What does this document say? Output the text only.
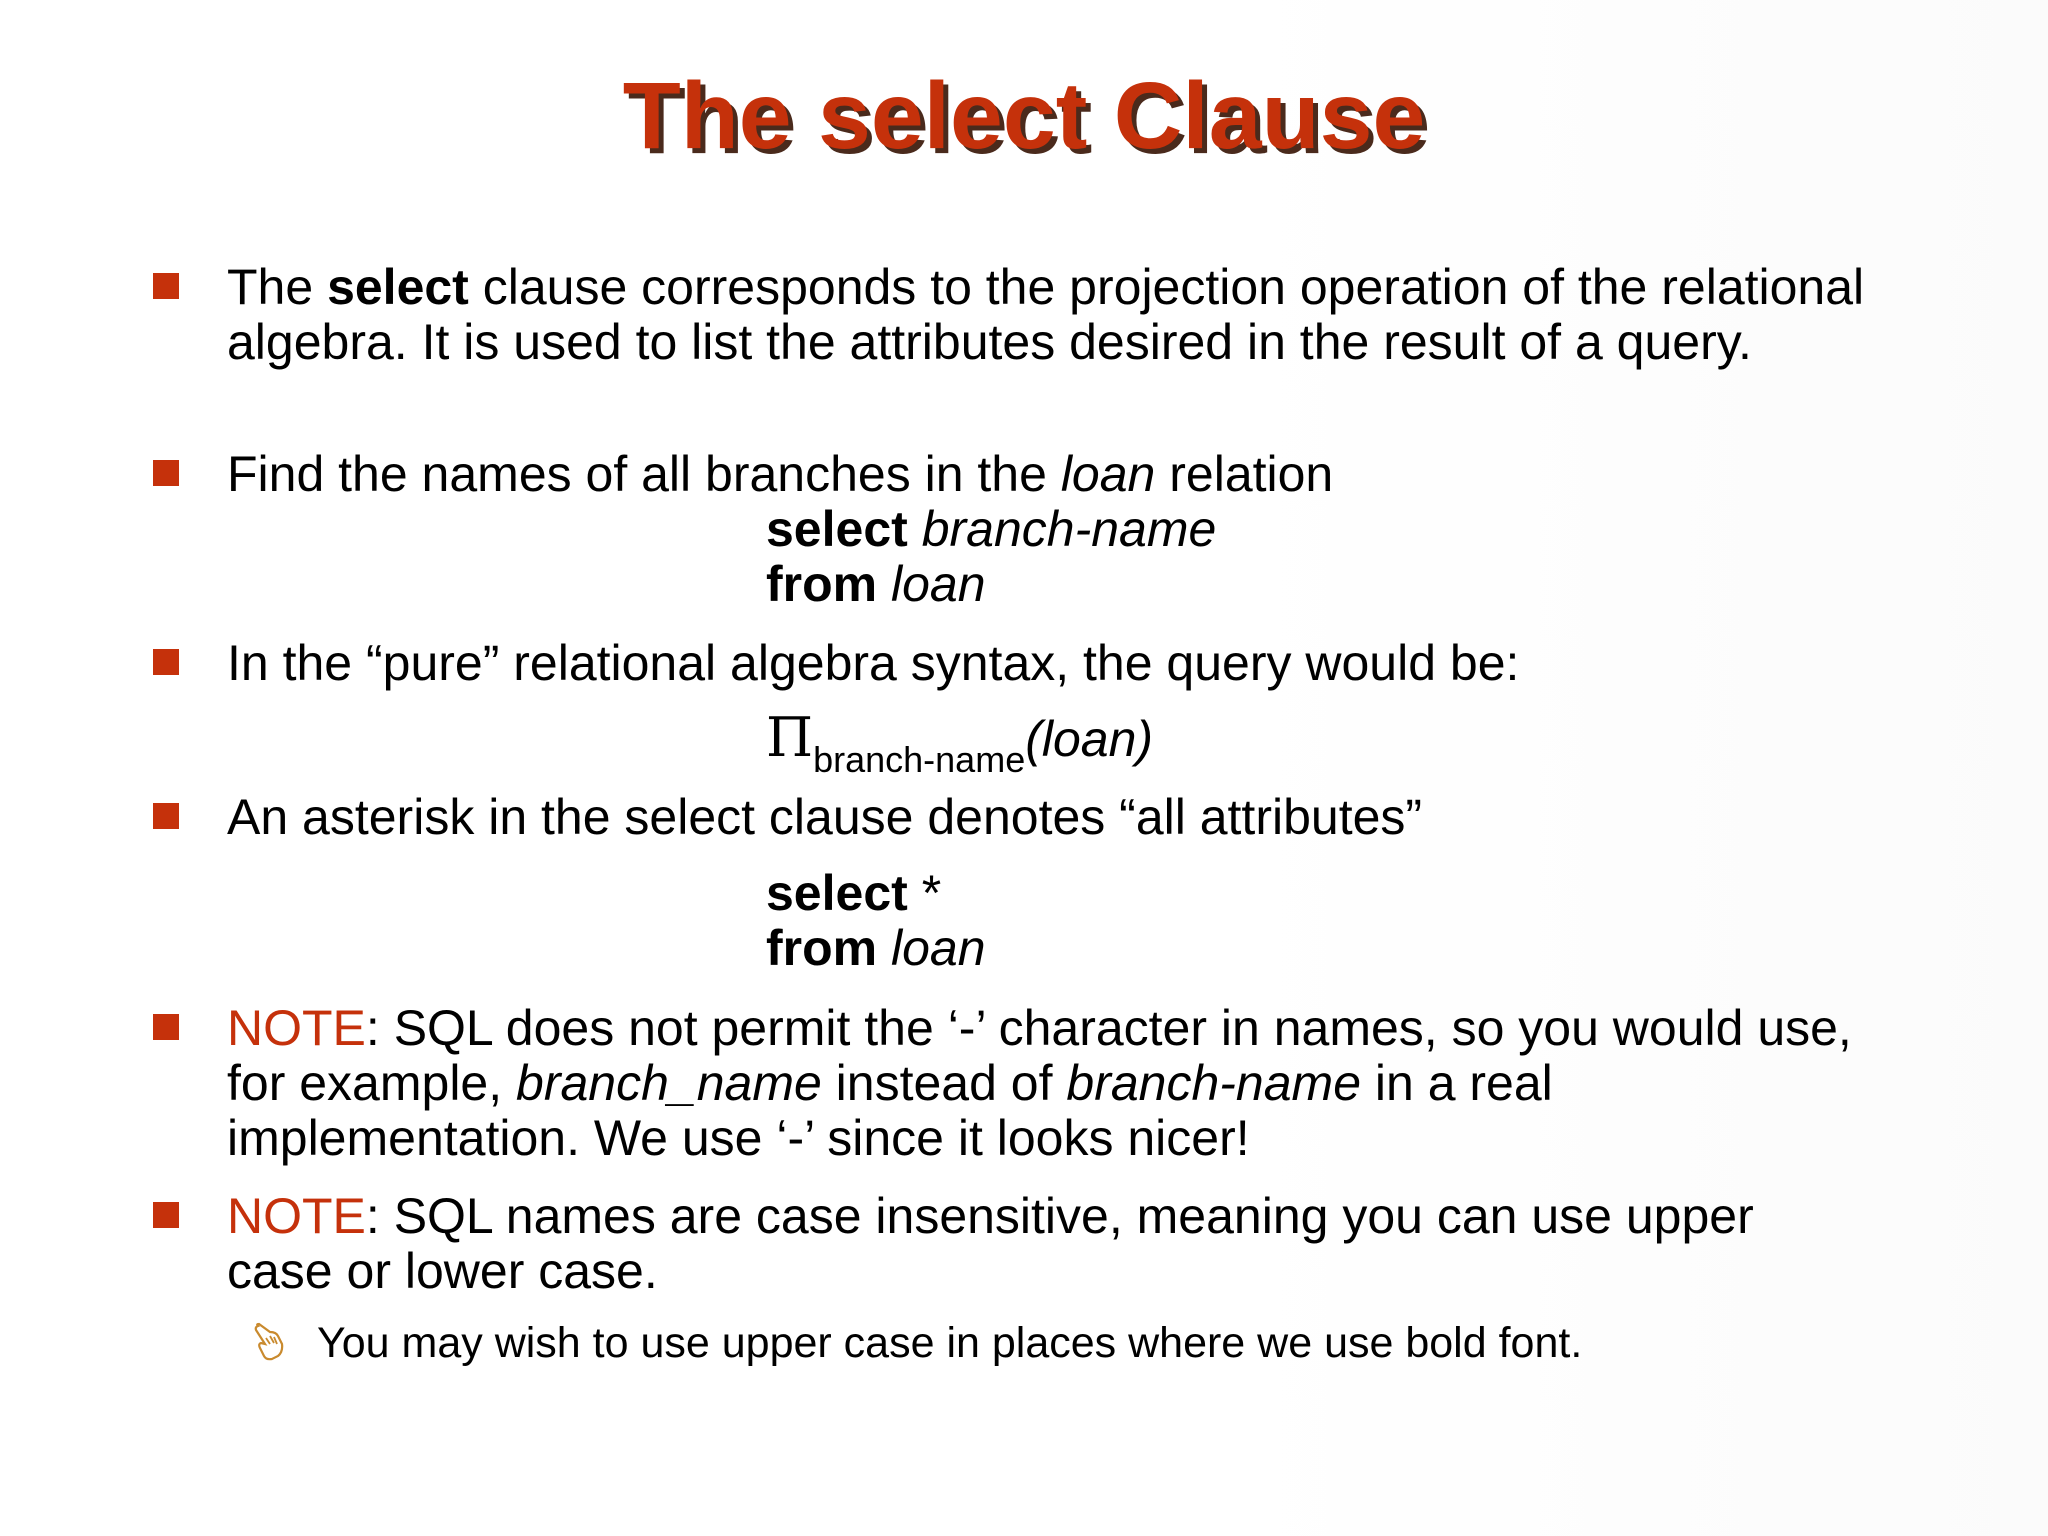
The select Clause
The select clause corresponds to the projection operation of the relational algebra. It is used to list the attributes desired in the result of a query.
Find the names of all branches in the loan relation
select branch-name
from loan
In the “pure” relational algebra syntax, the query would be:
$\Pi_{branch-name}(loan)$
An asterisk in the select clause denotes “all attributes”
select *
from loan
NOTE: SQL does not permit the ‘-’ character in names, so you would use, for example, branch_name instead of branch-name in a real implementation. We use ‘-’ since it looks nicer!
NOTE: SQL names are case insensitive, meaning you can use upper case or lower case.
You may wish to use upper case in places where we use bold font.
